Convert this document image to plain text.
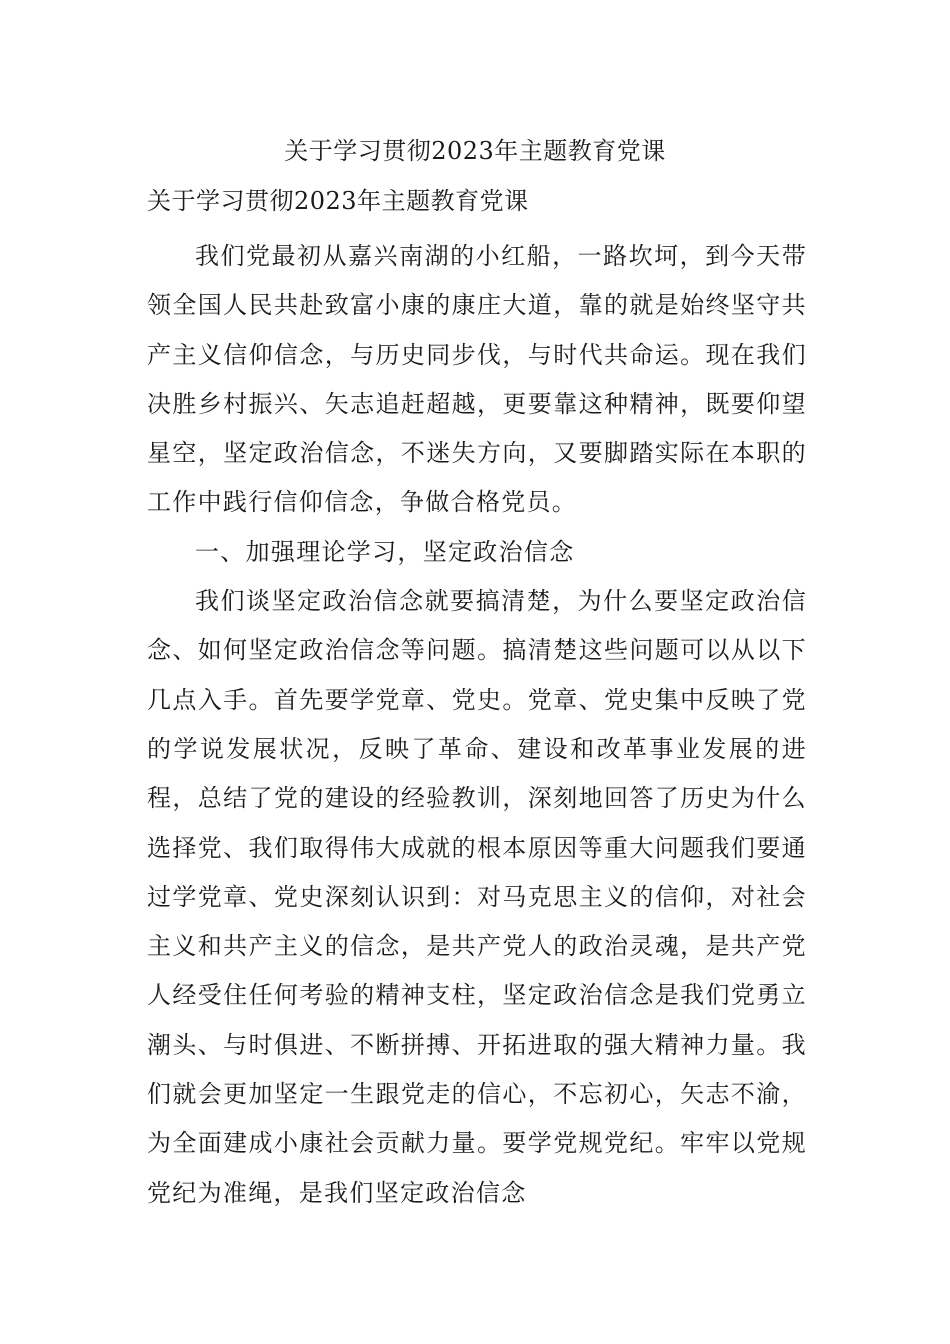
关于学习贯彻2023年主题教育党课
关于学习贯彻2023年主题教育党课

我们党最初从嘉兴南湖的小红船，一路坎坷，到今天带领全国人民共赴致富小康的康庄大道，靠的就是始终坚守共产主义信仰信念，与历史同步伐，与时代共命运。现在我们决胜乡村振兴、矢志追赶超越，更要靠这种精神，既要仰望星空，坚定政治信念，不迷失方向，又要脚踏实际在本职的工作中践行信仰信念，争做合格党员。

一、加强理论学习，坚定政治信念

我们谈坚定政治信念就要搞清楚，为什么要坚定政治信念、如何坚定政治信念等问题。搞清楚这些问题可以从以下几点入手。首先要学党章、党史。党章、党史集中反映了党的学说发展状况，反映了革命、建设和改革事业发展的进程，总结了党的建设的经验教训，深刻地回答了历史为什么选择党、我们取得伟大成就的根本原因等重大问题我们要通过学党章、党史深刻认识到：对马克思主义的信仰，对社会主义和共产主义的信念，是共产党人的政治灵魂，是共产党人经受住任何考验的精神支柱，坚定政治信念是我们党勇立潮头、与时俱进、不断拼搏、开拓进取的强大精神力量。我们就会更加坚定一生跟党走的信心，不忘初心，矢志不渝，为全面建成小康社会贡献力量。要学党规党纪。牢牢以党规党纪为准绳，是我们坚定政治信念
